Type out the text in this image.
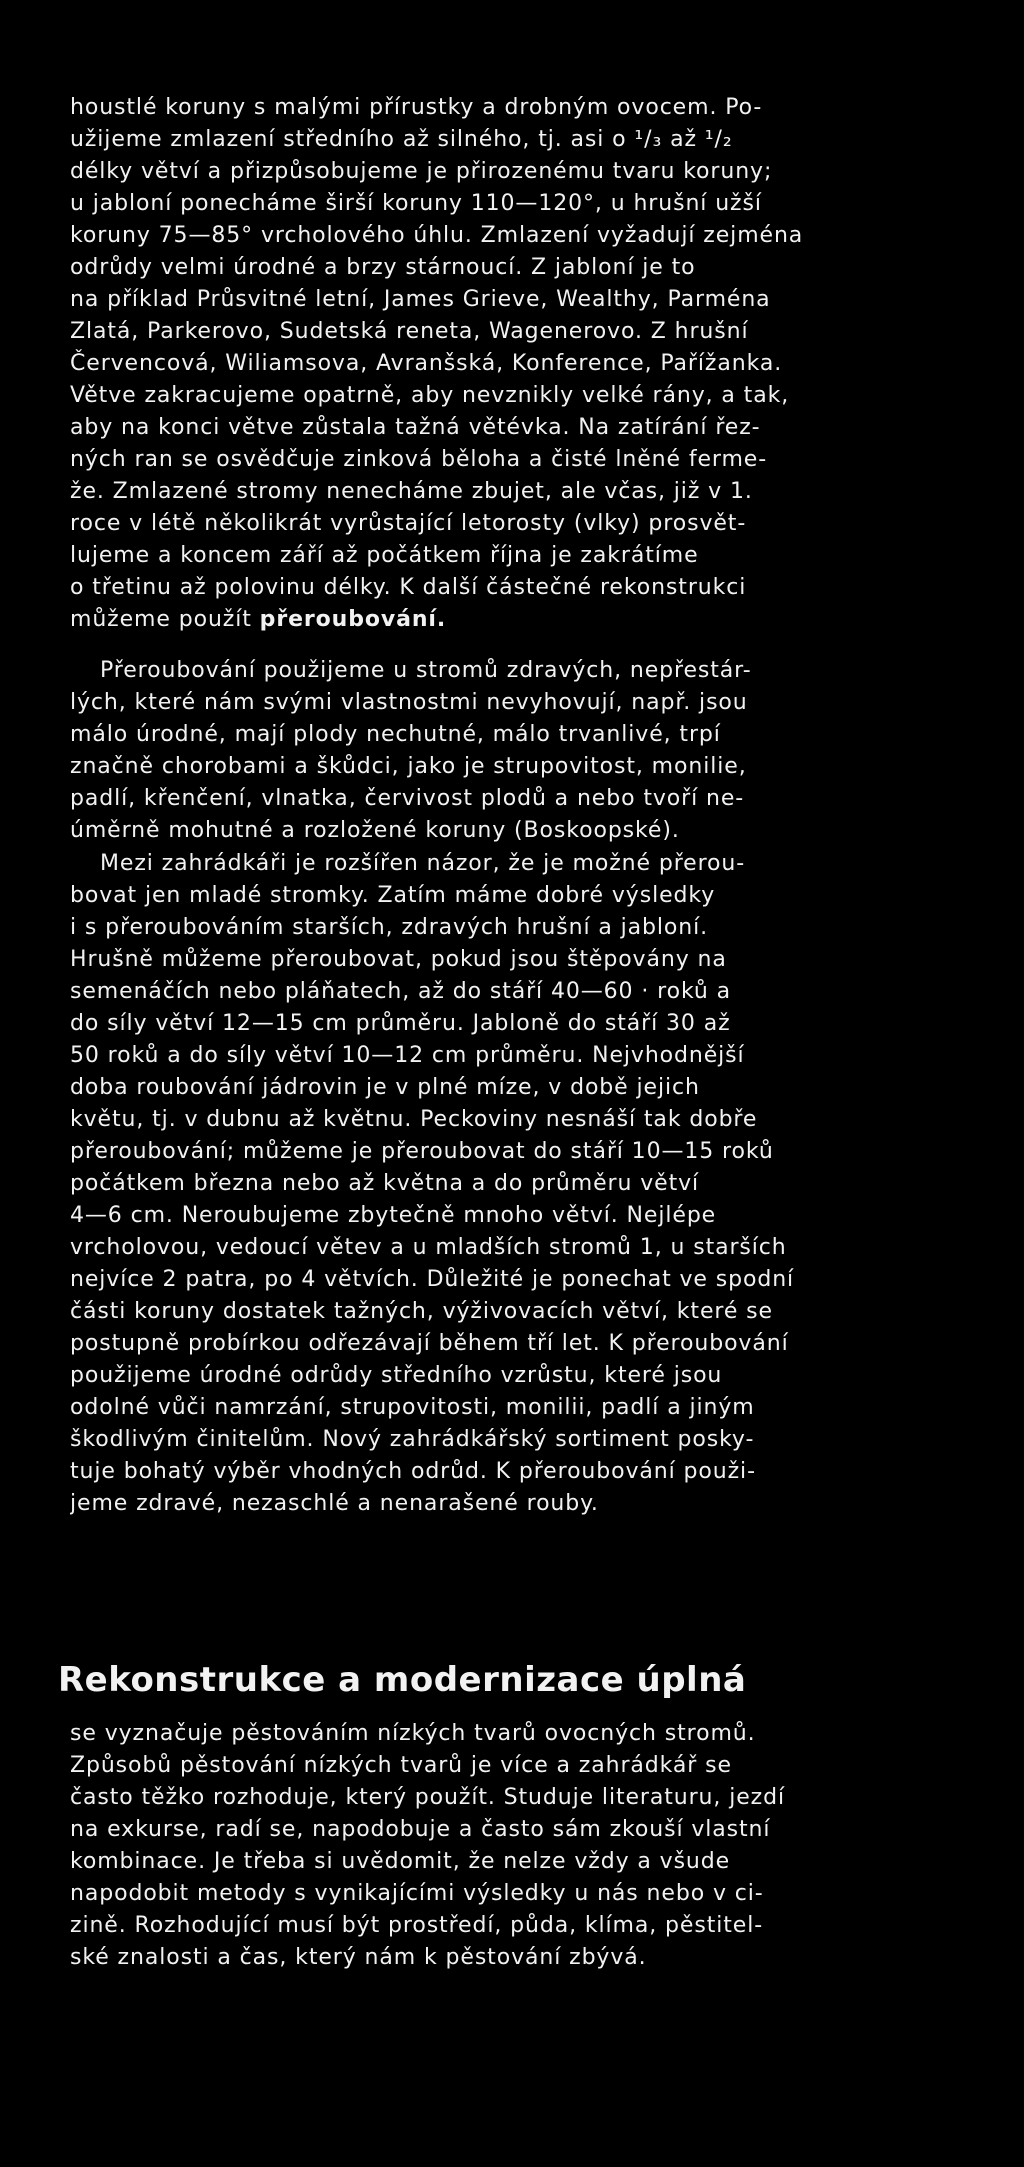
houstlé koruny s malými přírustky a drobným ovocem. Po-
užijeme zmlazení středního až silného, tj. asi o ¹/₃ až ¹/₂
délky větví a přizpůsobujeme je přirozenému tvaru koruny;
u jabloní ponecháme širší koruny 110—120°, u hrušní užší
koruny 75—85° vrcholového úhlu. Zmlazení vyžadují zejména
odrůdy velmi úrodné a brzy stárnoucí. Z jabloní je to
na příklad Průsvitné letní, James Grieve, Wealthy, Parména
Zlatá, Parkerovo, Sudetská reneta, Wagenerovo. Z hrušní
Červencová, Wiliamsova, Avranšská, Konference, Pařížanka.
Větve zakracujeme opatrně, aby nevznikly velké rány, a tak,
aby na konci větve zůstala tažná větévka. Na zatírání řez-
ných ran se osvědčuje zinková běloha a čisté lněné ferme-
že. Zmlazené stromy nenecháme zbujet, ale včas, již v 1.
roce v létě několikrát vyrůstající letorosty (vlky) prosvět-
lujeme a koncem září až počátkem října je zakrátíme
o třetinu až polovinu délky. K další částečné rekonstrukci
můžeme použít přeroubování.
Přeroubování použijeme u stromů zdravých, nepřestár-
lých, které nám svými vlastnostmi nevyhovují, např. jsou
málo úrodné, mají plody nechutné, málo trvanlivé, trpí
značně chorobami a škůdci, jako je strupovitost, monilie,
padlí, křenčení, vlnatka, červivost plodů a nebo tvoří ne-
úměrně mohutné a rozložené koruny (Boskoopské).
Mezi zahrádkáři je rozšířen názor, že je možné přerou-
bovat jen mladé stromky. Zatím máme dobré výsledky
i s přeroubováním starších, zdravých hrušní a jabloní.
Hrušně můžeme přeroubovat, pokud jsou štěpovány na
semenáčích nebo pláňatech, až do stáří 40—60 · roků a
do síly větví 12—15 cm průměru. Jabloně do stáří 30 až
50 roků a do síly větví 10—12 cm průměru. Nejvhodnější
doba roubování jádrovin je v plné míze, v době jejich
květu, tj. v dubnu až květnu. Peckoviny nesnáší tak dobře
přeroubování; můžeme je přeroubovat do stáří 10—15 roků
počátkem března nebo až května a do průměru větví
4—6 cm. Neroubujeme zbytečně mnoho větví. Nejlépe
vrcholovou, vedoucí větev a u mladších stromů 1, u starších
nejvíce 2 patra, po 4 větvích. Důležité je ponechat ve spodní
části koruny dostatek tažných, výživovacích větví, které se
postupně probírkou odřezávají během tří let. K přeroubování
použijeme úrodné odrůdy středního vzrůstu, které jsou
odolné vůči namrzání, strupovitosti, monilii, padlí a jiným
škodlivým činitelům. Nový zahrádkářský sortiment posky-
tuje bohatý výběr vhodných odrůd. K přeroubování použi-
jeme zdravé, nezaschlé a nenarašené rouby.
Rekonstrukce a modernizace úplná
se vyznačuje pěstováním nízkých tvarů ovocných stromů.
Způsobů pěstování nízkých tvarů je více a zahrádkář se
často těžko rozhoduje, který použít. Studuje literaturu, jezdí
na exkurse, radí se, napodobuje a často sám zkouší vlastní
kombinace. Je třeba si uvědomit, že nelze vždy a všude
napodobit metody s vynikajícími výsledky u nás nebo v ci-
zině. Rozhodující musí být prostředí, půda, klíma, pěstitel-
ské znalosti a čas, který nám k pěstování zbývá.
